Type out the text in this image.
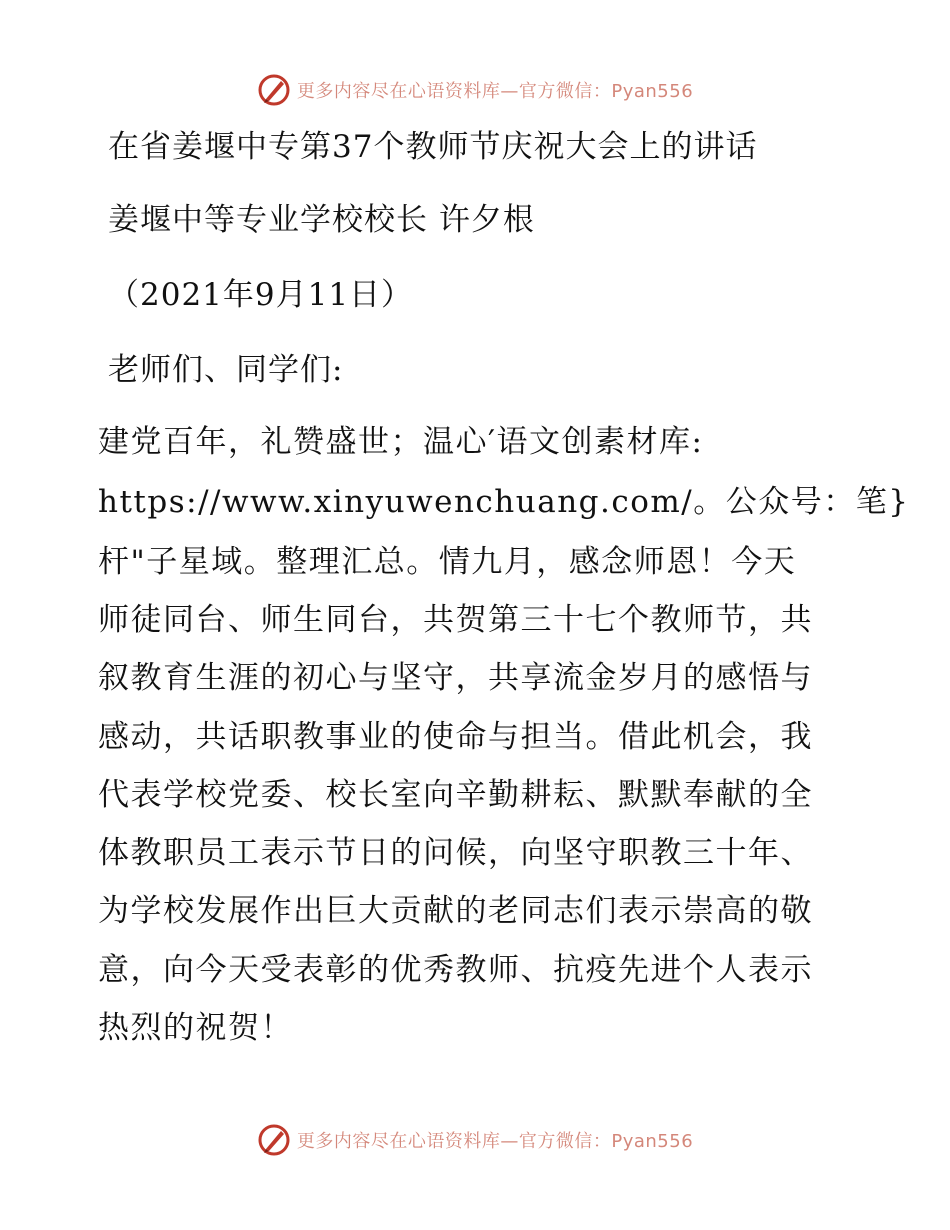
更多内容尽在心语资料库—官方微信：Pyan556
在省姜堰中专第37个教师节庆祝大会上的讲话
姜堰中等专业学校校长 许夕根
（2021年9月11日）
老师们、同学们:
建党百年，礼赞盛世；温心′语文创素材库:
https://www.xinyuwenchuang.com/。公众号：笔}
杆"子星域。整理汇总。情九月，感念师恩！今天
师徒同台、师生同台，共贺第三十七个教师节，共
叙教育生涯的初心与坚守，共享流金岁月的感悟与
感动，共话职教事业的使命与担当。借此机会，我
代表学校党委、校长室向辛勤耕耘、默默奉献的全
体教职员工表示节日的问候，向坚守职教三十年、
为学校发展作出巨大贡献的老同志们表示崇高的敬
意，向今天受表彰的优秀教师、抗疫先进个人表示
热烈的祝贺！
更多内容尽在心语资料库—官方微信：Pyan556
